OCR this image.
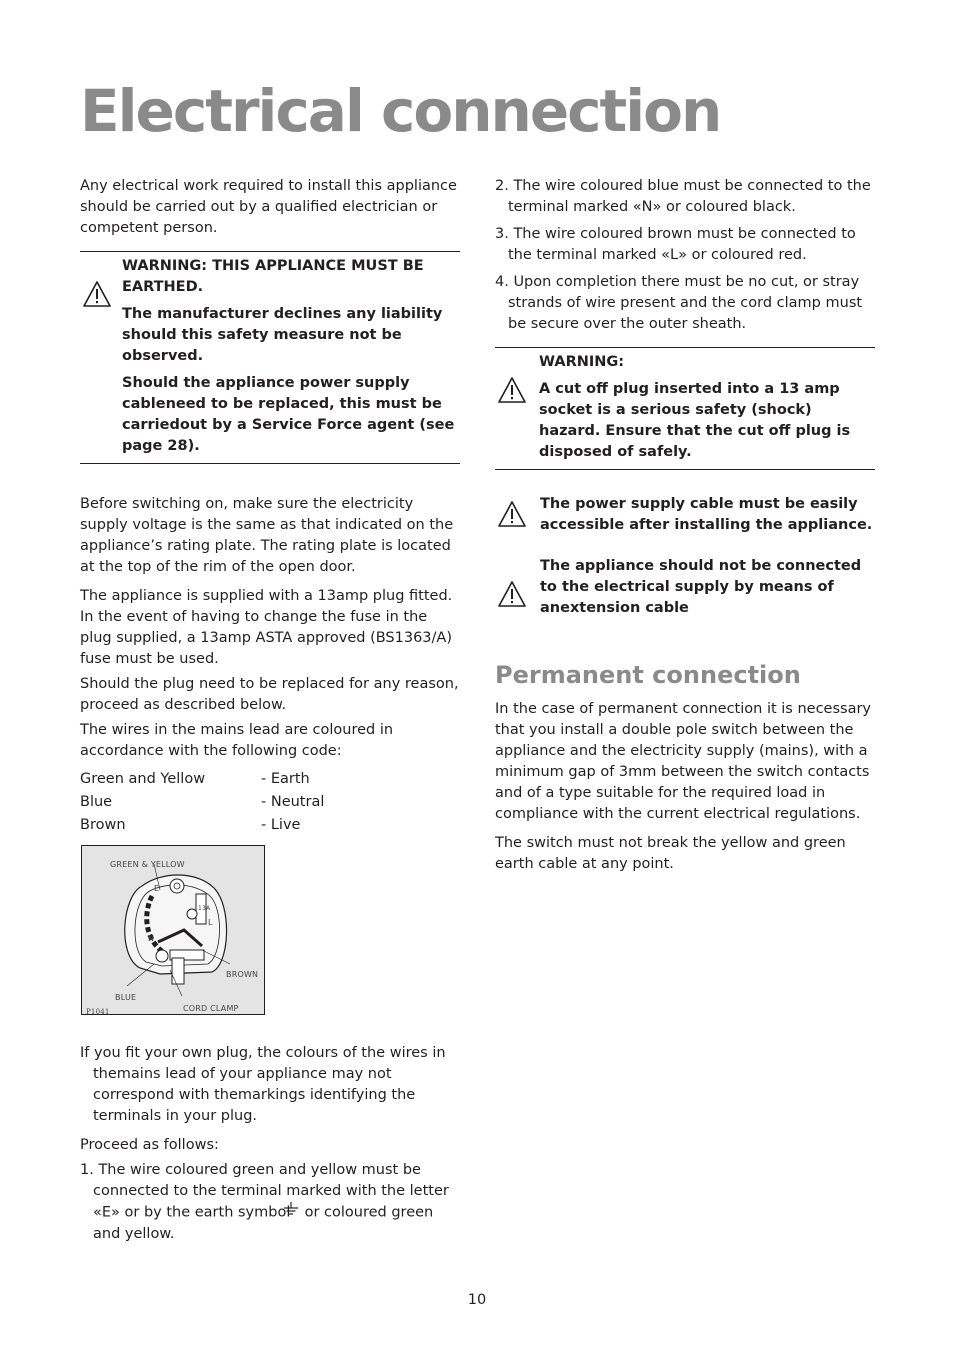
Electrical connection

Any electrical work required to install this appliance should be carried out by a qualified electrician or competent person.

WARNING: THIS APPLIANCE MUST BE EARTHED.

The manufacturer declines any liability should this safety measure not be observed.

Should the appliance power supply cableneed to be replaced, this must be carriedout by a Service Force agent (see page 28).

Before switching on, make sure the electricity supply voltage is the same as that indicated on the appliance’s rating plate. The rating plate is located at the top of the rim of the open door.

The appliance is supplied with a 13amp plug fitted. In the event of having to change the fuse in the plug supplied, a 13amp ASTA approved (BS1363/A) fuse must be used.

Should the plug need to be replaced for any reason, proceed as described below.

The wires in the mains lead are coloured in accordance with the following code:

Green and Yellow	- Earth
Blue	- Neutral
Brown	- Live
GREEN & YELLOW
N
E
L
13A
BROWN
BLUE
CORD CLAMP
P1041

If you fit your own plug, the colours of the wires in themains lead of your appliance may not correspond with themarkings identifying the terminals in your plug.

Proceed as follows:

1. The wire coloured green and yellow must be connected to the terminal marked with the letter «E» or by the earth symbol or coloured green and yellow.

2. The wire coloured blue must be connected to the terminal marked «N» or coloured black.
3. The wire coloured brown must be connected to the terminal marked «L» or coloured red.
4. Upon completion there must be no cut, or stray strands of wire present and the cord clamp must be secure over the outer sheath.

WARNING:

A cut off plug inserted into a 13 amp socket is a serious safety (shock) hazard. Ensure that the cut off plug is disposed of safely.

The power supply cable must be easily accessible after installing the appliance.

The appliance should not be connected to the electrical supply by means of anextension cable

Permanent connection

In the case of permanent connection it is necessary that you install a double pole switch between the appliance and the electricity supply (mains), with a minimum gap of 3mm between the switch contacts and of a type suitable for the required load in compliance with the current electrical regulations.

The switch must not break the yellow and green earth cable at any point.

10
